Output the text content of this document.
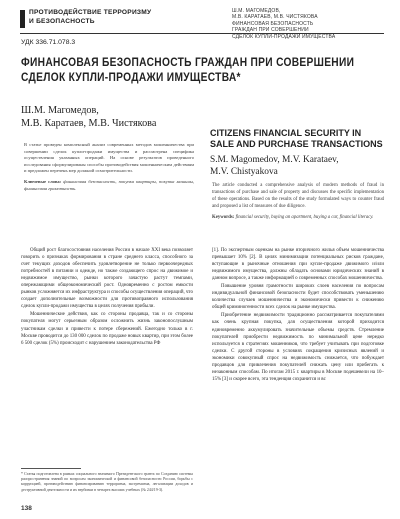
ПРОТИВОДЕЙСТВИЕ ТЕРРОРИЗМУ
И БЕЗОПАСНОСТЬ
Ш.М. МАГОМЕДОВ,
М.В. КАРАТАЕВ, М.В. ЧИСТЯКОВА
ФИНАНСОВАЯ БЕЗОПАСНОСТЬ
ГРАЖДАН ПРИ СОВЕРШЕНИИ
СДЕЛОК КУПЛИ-ПРОДАЖИ ИМУЩЕСТВА
УДК 336.71.078.3
ФИНАНСОВАЯ БЕЗОПАСНОСТЬ ГРАЖДАН ПРИ СОВЕРШЕНИИ СДЕЛОК КУПЛИ-ПРОДАЖИ ИМУЩЕСТВА*
Ш.М. Магомедов,
М.В. Каратаев, М.В. Чистякова
CITIZENS FINANCIAL SECURITY IN SALE AND PURCHASE TRANSACTIONS
S.M. Magomedov, M.V. Karataev,
M.V. Chistyakova
В статье проведен комплексный анализ современных методов мошенничества при совершении сделок купли-продажи имущества и рассмотрена специфика осуществления указанных операций. На основе результатов проведенного исследования сформулированы способы противодействия мошенническим действиям и предложен перечень мер должной осмотрительности.
Ключевые слова: финансовая безопасность, покупка квартиры, покупка машины, финансовая грамотность.
The article conducted a comprehensive analysis of modern methods of fraud in transactions of purchase and sale of property and discusses the specific implementation of these operations. Based on the results of the study formulated ways to counter fraud and proposed a list of measures of due diligence.
Keywords: financial security, buying an apartment, buying a car, financial literacy.

Общий рост благосостояния населения России в начале XXI века позволяет говорить о признаках формирования в стране среднего класса, способного за счет текущих доходов обеспечить удовлетворение не только первоочередных потребностей в питании и одежде, но также создающего спрос на движимое и недвижимое имущество, рынки которого зачастую растут темпами, опережающими общеэкономический рост. Одновременно с ростом емкости рынков усложняется их инфраструктура и способы осуществления операций, что создает дополнительные возможности для противоправного использования сделок купли-продажи имущества в целях получения прибыли.

Мошеннические действия, как со стороны продавца, так и со стороны покупателя могут серьезным образом осложнить жизнь законопослушным участникам сделки и привести к потере сбережений. Ежегодно только в г. Москве проводится до 130 000 сделок по продаже новых квартир, при этом более 6 500 сделок (5%) происходит с нарушением законодательства РФ

[1]. По экспертным оценкам на рынке вторичного жилья объем мошенничества превышает 10% [2]. В целях минимизации потенциальных рисков граждане, вступающие в рыночные отношения при купле-продаже движимого и/или недвижимого имущества, должны обладать основами юридических знаний в данном вопросе, а также информацией о современных способах мошенничества.

Повышение уровня грамотности широких слоев населения по вопросам индивидуальной финансовой безопасности будет способствовать уменьшению количества случаев мошенничества и экономически привести к снижению общей криминогенности всех сделок на рынке имущества.

Приобретение недвижимости традиционно рассматривается покупателями как очень крупная покупка, для осуществления которой приходится единовременно аккумулировать значительные объемы средств. Стремление покупателей приобрести недвижимость по минимальной цене нередко используется в стратегиях мошенников, что требует учитывать при подготовке сделки. С другой стороны в условиях сокращения кризисных явлений и экономики совокупный спрос на недвижимость снижается, что побуждает продавцов для привлечения покупателей снижать цену или прибегать к незаконным способам. По итогам 2015 г. квартиры в Москве подешевели на 10–15% [3] и скорее всего, эта тенденция сохранится и вс

* Статья подготовлена в рамках социального значимого Президентского гранта по Созданию системы распространения знаний по вопросам экономической и финансовой безопасности России, борьбы с коррупцией, противодействию финансированию терроризма, экстремизма, легализации доходов и деструктивной деятельности и их вербовки в четырех высших учебных (№ 244/19-3).
138
